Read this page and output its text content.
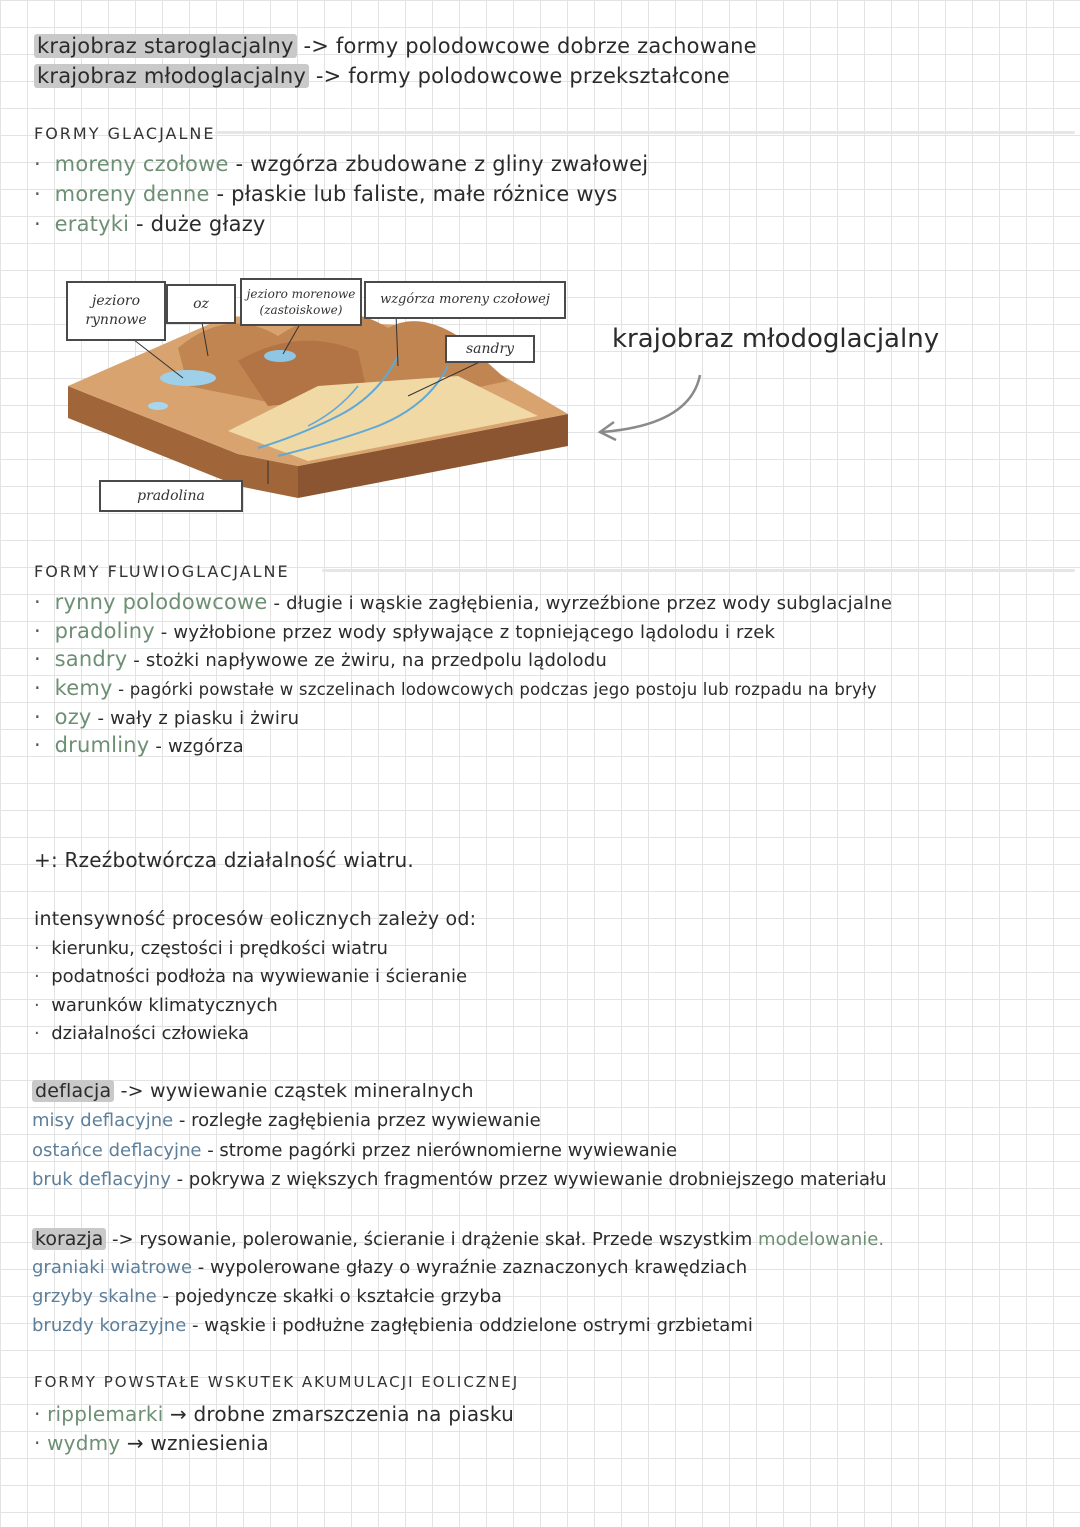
krajobraz staroglacjalny -> formy polodowcowe dobrze zachowane
krajobraz młodoglacjalny -> formy polodowcowe przekształcone
FORMY GLACJALNE
· moreny czołowe - wzgórza zbudowane z gliny zwałowej
· moreny denne - płaskie lub faliste, małe różnice wys
· eratyki - duże głazy
jezioro rynnowe
oz
jezioro morenowe
(zastoiskowe)
wzgórza moreny czołowej
sandry
pradolina
krajobraz młodoglacjalny
FORMY FLUWIOGLACJALNE
· rynny polodowcowe - długie i wąskie zagłębienia, wyrzeźbione przez wody subglacjalne
· pradoliny - wyżłobione przez wody spływające z topniejącego lądolodu i rzek
· sandry - stożki napływowe ze żwiru, na przedpolu lądolodu
· kemy - pagórki powstałe w szczelinach lodowcowych podczas jego postoju lub rozpadu na bryły
· ozy - wały z piasku i żwiru
· drumliny - wzgórza
+: Rzeźbotwórcza działalność wiatru.
intensywność procesów eolicznych zależy od:
· kierunku, częstości i prędkości wiatru
· podatności podłoża na wywiewanie i ścieranie
· warunków klimatycznych
· działalności człowieka
deflacja -> wywiewanie cząstek mineralnych
misy deflacyjne - rozległe zagłębienia przez wywiewanie
ostańce deflacyjne - strome pagórki przez nierównomierne wywiewanie
bruk deflacyjny - pokrywa z większych fragmentów przez wywiewanie drobniejszego materiału
korazja -> rysowanie, polerowanie, ścieranie i drążenie skał. Przede wszystkim modelowanie.
graniaki wiatrowe - wypolerowane głazy o wyraźnie zaznaczonych krawędziach
grzyby skalne - pojedyncze skałki o kształcie grzyba
bruzdy korazyjne - wąskie i podłużne zagłębienia oddzielone ostrymi grzbietami
FORMY POWSTAŁE WSKUTEK AKUMULACJI EOLICZNEJ
· ripplemarki → drobne zmarszczenia na piasku
· wydmy → wzniesienia
